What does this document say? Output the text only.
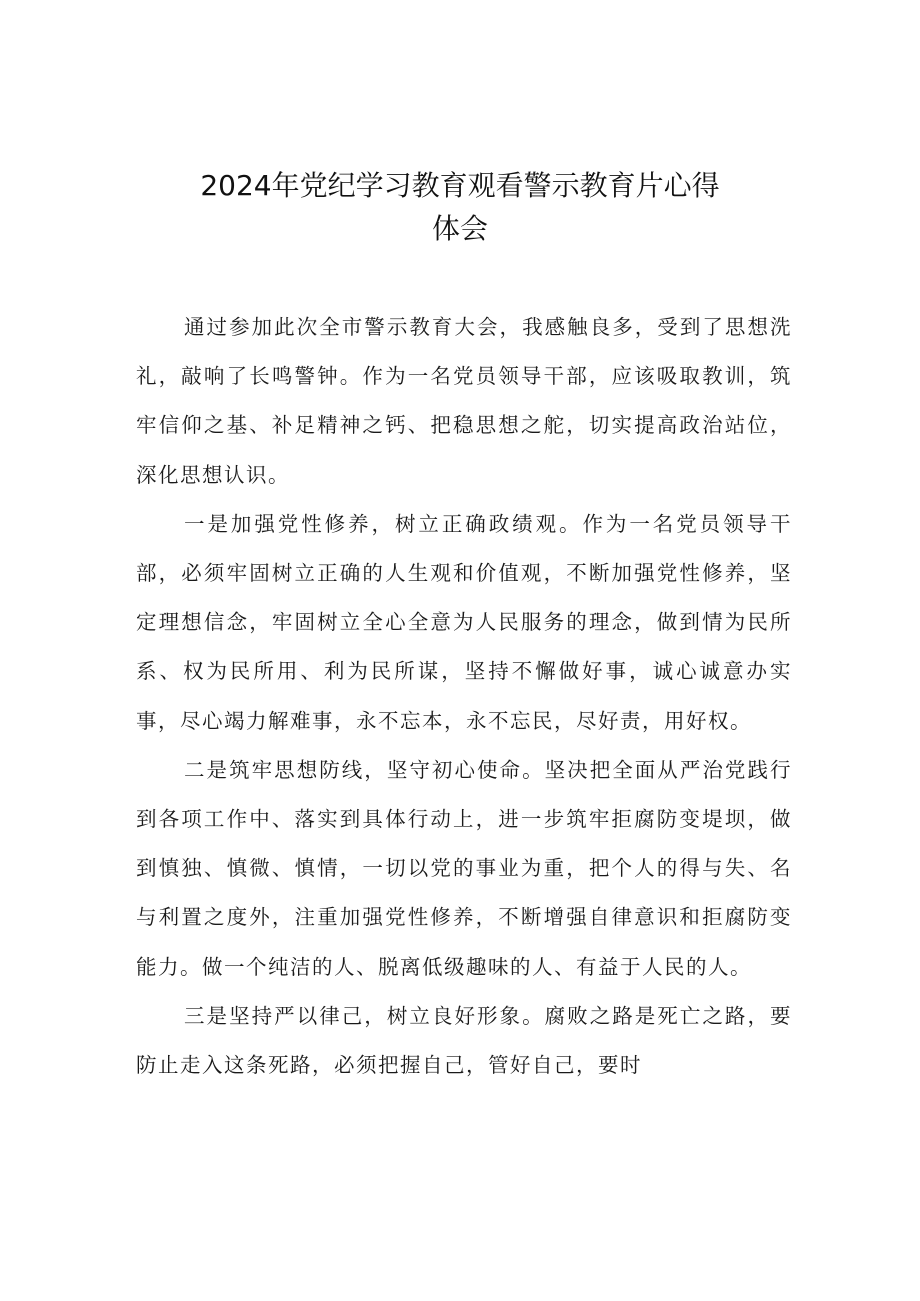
2024年党纪学习教育观看警示教育片心得
体会

通过参加此次全市警示教育大会，我感触良多，受到了思想洗礼，敲响了长鸣警钟。作为一名党员领导干部，应该吸取教训，筑牢信仰之基、补足精神之钙、把稳思想之舵，切实提高政治站位，深化思想认识。

一是加强党性修养，树立正确政绩观。作为一名党员领导干部，必须牢固树立正确的人生观和价值观，不断加强党性修养，坚定理想信念，牢固树立全心全意为人民服务的理念，做到情为民所系、权为民所用、利为民所谋，坚持不懈做好事，诚心诚意办实事，尽心竭力解难事，永不忘本，永不忘民，尽好责，用好权。

二是筑牢思想防线，坚守初心使命。坚决把全面从严治党践行到各项工作中、落实到具体行动上，进一步筑牢拒腐防变堤坝，做到慎独、慎微、慎情，一切以党的事业为重，把个人的得与失、名与利置之度外，注重加强党性修养，不断增强自律意识和拒腐防变能力。做一个纯洁的人、脱离低级趣味的人、有益于人民的人。

三是坚持严以律己，树立良好形象。腐败之路是死亡之路，要防止走入这条死路，必须把握自己，管好自己，要时
